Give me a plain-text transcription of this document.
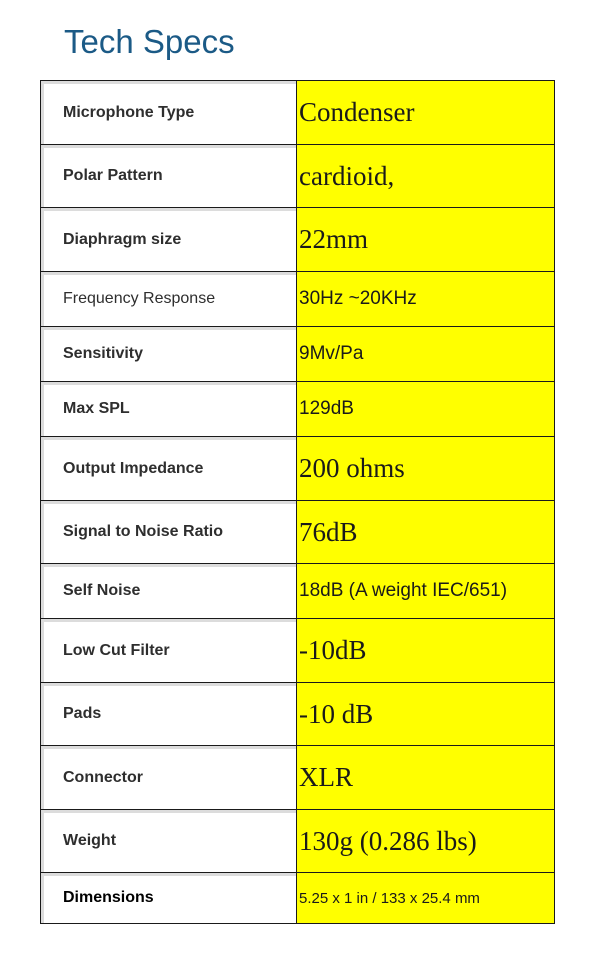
Tech Specs
Microphone Type	Condenser
Polar Pattern	cardioid,
Diaphragm size	22mm
Frequency Response	30Hz ~20KHz
Sensitivity	9Mv/Pa
Max SPL	129dB
Output Impedance	200 ohms
Signal to Noise Ratio	76dB
Self Noise	18dB (A weight IEC/651)
Low Cut Filter	-10dB
Pads	-10 dB
Connector	XLR
Weight	130g (0.286 lbs)
Dimensions	5.25 x 1 in / 133 x 25.4 mm
